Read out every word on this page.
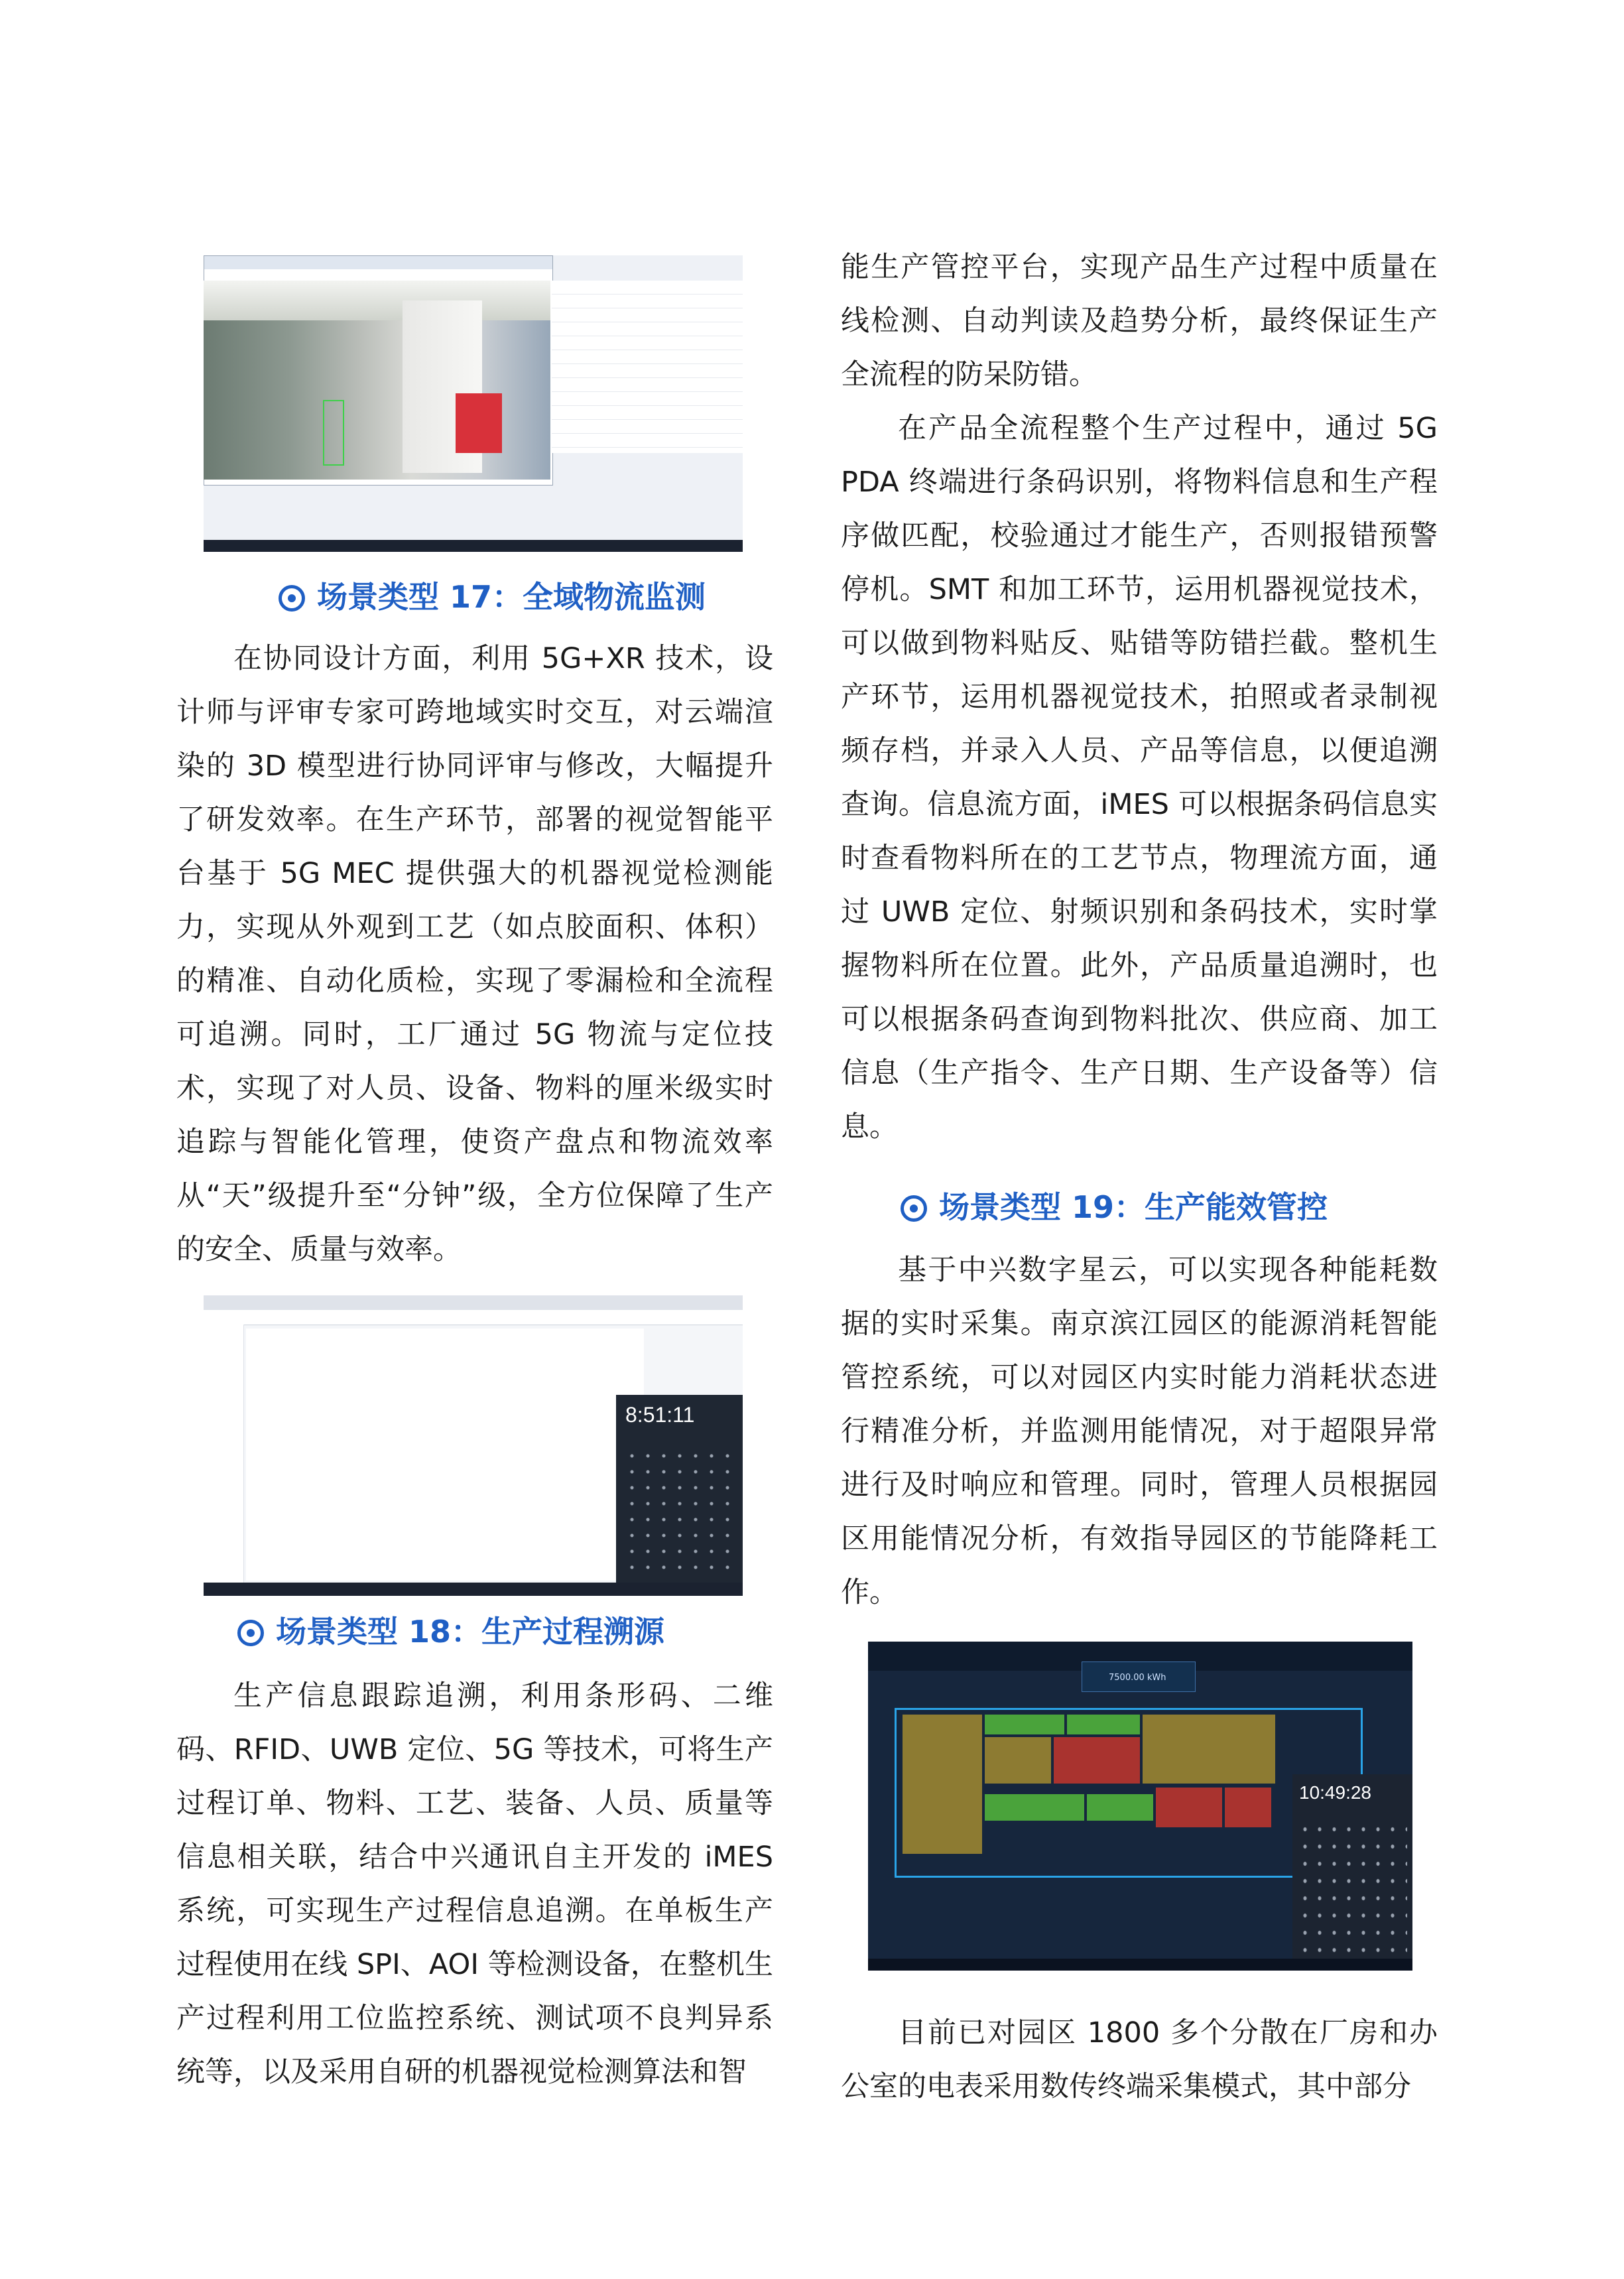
场景类型 17：全域物流监测

在协同设计方面，利用 5G+XR 技术，设计师与评审专家可跨地域实时交互，对云端渲染的 3D 模型进行协同评审与修改，大幅提升了研发效率。在生产环节，部署的视觉智能平台基于 5G MEC 提供强大的机器视觉检测能力，实现从外观到工艺（如点胶面积、体积）的精准、自动化质检，实现了零漏检和全流程可追溯。同时，工厂通过 5G 物流与定位技术，实现了对人员、设备、物料的厘米级实时追踪与智能化管理，使资产盘点和物流效率从“天”级提升至“分钟”级，全方位保障了生产的安全、质量与效率。

8:51:11
场景类型 18：生产过程溯源

生产信息跟踪追溯，利用条形码、二维码、RFID、UWB 定位、5G 等技术，可将生产过程订单、物料、工艺、装备、人员、质量等信息相关联，结合中兴通讯自主开发的 iMES 系统，可实现生产过程信息追溯。在单板生产过程使用在线 SPI、AOI 等检测设备，在整机生产过程利用工位监控系统、测试项不良判异系统等，以及采用自研的机器视觉检测算法和智

能生产管控平台，实现产品生产过程中质量在线检测、自动判读及趋势分析，最终保证生产全流程的防呆防错。

在产品全流程整个生产过程中，通过 5G PDA 终端进行条码识别，将物料信息和生产程序做匹配，校验通过才能生产，否则报错预警停机。SMT 和加工环节，运用机器视觉技术，可以做到物料贴反、贴错等防错拦截。整机生产环节，运用机器视觉技术，拍照或者录制视频存档，并录入人员、产品等信息，以便追溯查询。信息流方面，iMES 可以根据条码信息实时查看物料所在的工艺节点，物理流方面，通过 UWB 定位、射频识别和条码技术，实时掌握物料所在位置。此外，产品质量追溯时，也可以根据条码查询到物料批次、供应商、加工信息（生产指令、生产日期、生产设备等）信息。

场景类型 19：生产能效管控

基于中兴数字星云，可以实现各种能耗数据的实时采集。南京滨江园区的能源消耗智能管控系统，可以对园区内实时能力消耗状态进行精准分析，并监测用能情况，对于超限异常进行及时响应和管理。同时，管理人员根据园区用能情况分析，有效指导园区的节能降耗工作。

7500.00 kWh
10:49:28

目前已对园区 1800 多个分散在厂房和办公室的电表采用数传终端采集模式，其中部分
